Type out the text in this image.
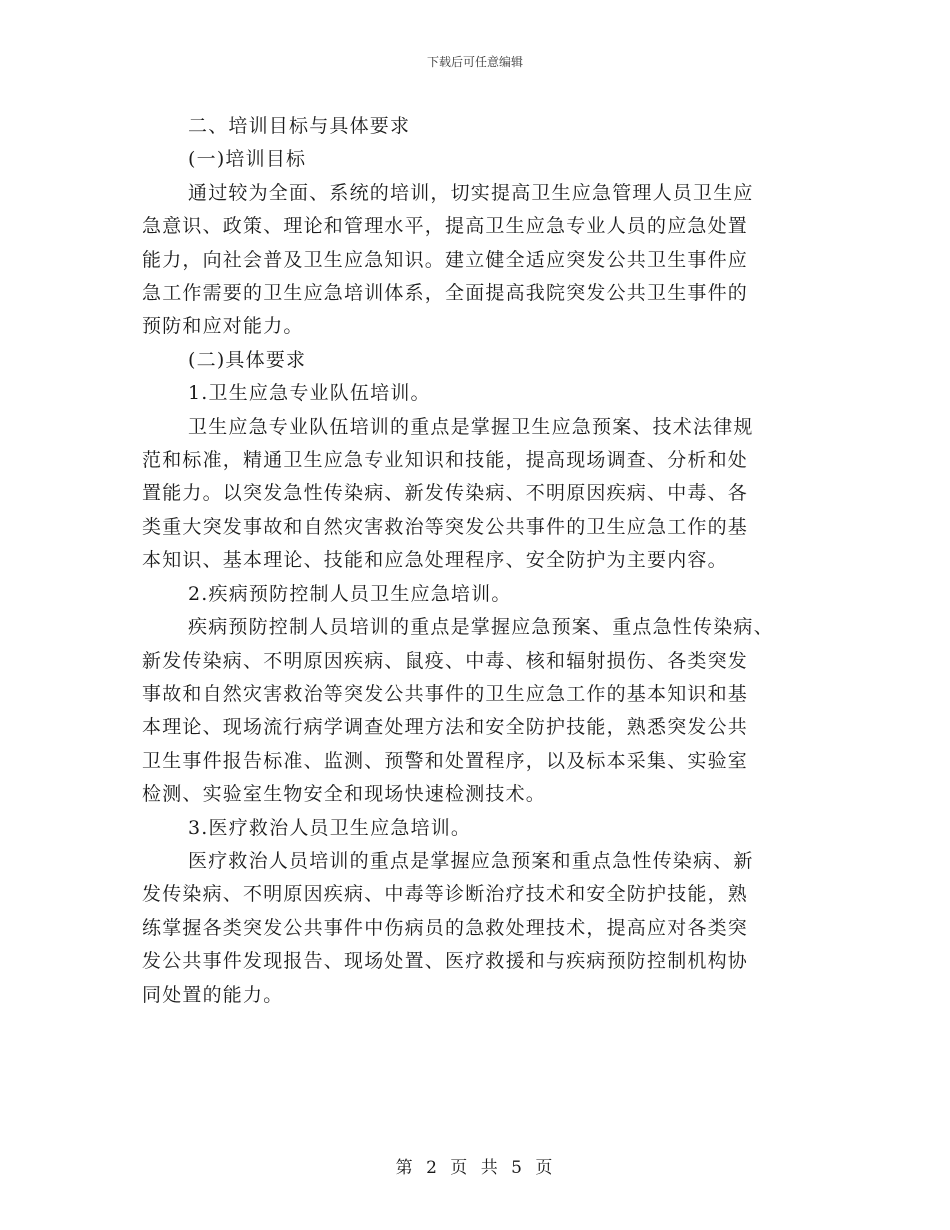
下载后可任意编辑
二、培训目标与具体要求
(一)培训目标
通过较为全面、系统的培训，切实提高卫生应急管理人员卫生应
急意识、政策、理论和管理水平，提高卫生应急专业人员的应急处置
能力，向社会普及卫生应急知识。建立健全适应突发公共卫生事件应
急工作需要的卫生应急培训体系，全面提高我院突发公共卫生事件的
预防和应对能力。
(二)具体要求
1.卫生应急专业队伍培训。
卫生应急专业队伍培训的重点是掌握卫生应急预案、技术法律规
范和标准，精通卫生应急专业知识和技能，提高现场调查、分析和处
置能力。以突发急性传染病、新发传染病、不明原因疾病、中毒、各
类重大突发事故和自然灾害救治等突发公共事件的卫生应急工作的基
本知识、基本理论、技能和应急处理程序、安全防护为主要内容。
2.疾病预防控制人员卫生应急培训。
疾病预防控制人员培训的重点是掌握应急预案、重点急性传染病、
新发传染病、不明原因疾病、鼠疫、中毒、核和辐射损伤、各类突发
事故和自然灾害救治等突发公共事件的卫生应急工作的基本知识和基
本理论、现场流行病学调查处理方法和安全防护技能，熟悉突发公共
卫生事件报告标准、监测、预警和处置程序，以及标本采集、实验室
检测、实验室生物安全和现场快速检测技术。
3.医疗救治人员卫生应急培训。
医疗救治人员培训的重点是掌握应急预案和重点急性传染病、新
发传染病、不明原因疾病、中毒等诊断治疗技术和安全防护技能，熟
练掌握各类突发公共事件中伤病员的急救处理技术，提高应对各类突
发公共事件发现报告、现场处置、医疗救援和与疾病预防控制机构协
同处置的能力。
第 2 页 共 5 页
